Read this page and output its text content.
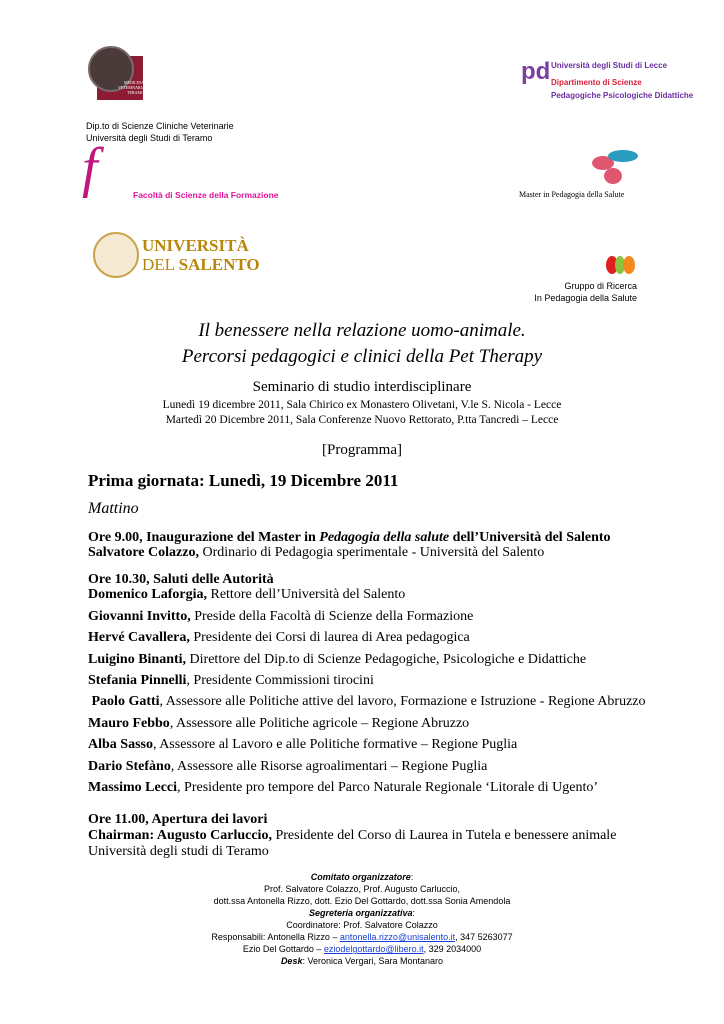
MEDICINA VETERINARIA TERAMO
pd Università degli Studi di Lecce
Dipartimento di Scienze
Pedagogiche Psicologiche Didattiche
Dip.to di Scienze Cliniche Veterinarie
Università degli Studi di Teramo
f	Facoltà di Scienze della Formazione	Master in Pedagogia della Salute
UNIVERSITÀ
DEL SALENTO
Gruppo di Ricerca
In Pedagogia della Salute
Il benessere nella relazione uomo-animale.
Percorsi pedagogici e clinici della Pet Therapy
Seminario di studio interdisciplinare
Lunedì 19 dicembre 2011, Sala Chirico ex Monastero Olivetani, V.le S. Nicola - Lecce
Martedì 20 Dicembre 2011, Sala Conferenze Nuovo Rettorato, P.tta Tancredi – Lecce
[Programma]
Prima giornata: Lunedì, 19 Dicembre 2011
Mattino
Ore 9.00, Inaugurazione del Master in Pedagogia della salute dell’Università del Salento
Salvatore Colazzo, Ordinario di Pedagogia sperimentale - Università del Salento
Ore 10.30, Saluti delle Autorità
Domenico Laforgia, Rettore dell’Università del Salento
Giovanni Invitto, Preside della Facoltà di Scienze della Formazione
Hervé Cavallera, Presidente dei Corsi di laurea di Area pedagogica
Luigino Binanti, Direttore del Dip.to di Scienze Pedagogiche, Psicologiche e Didattiche
Stefania Pinnelli, Presidente Commissioni tirocini
Paolo Gatti, Assessore alle Politiche attive del lavoro, Formazione e Istruzione - Regione Abruzzo
Mauro Febbo, Assessore alle Politiche agricole – Regione Abruzzo
Alba Sasso, Assessore al Lavoro e alle Politiche formative – Regione Puglia
Dario Stefàno, Assessore alle Risorse agroalimentari – Regione Puglia
Massimo Lecci, Presidente pro tempore del Parco Naturale Regionale ‘Litorale di Ugento’
Ore 11.00, Apertura dei lavori
Chairman: Augusto Carluccio, Presidente del Corso di Laurea in Tutela e benessere animale
Università degli studi di Teramo
Comitato organizzatore:
Prof. Salvatore Colazzo, Prof. Augusto Carluccio,
dott.ssa Antonella Rizzo, dott. Ezio Del Gottardo, dott.ssa Sonia Amendola
Segreteria organizzativa:
Coordinatore: Prof. Salvatore Colazzo
Responsabili: Antonella Rizzo – antonella.rizzo@unisalento.it, 347 5263077
Ezio Del Gottardo – eziodelgottardo@libero.it, 329 2034000
Desk: Veronica Vergari, Sara Montanaro
